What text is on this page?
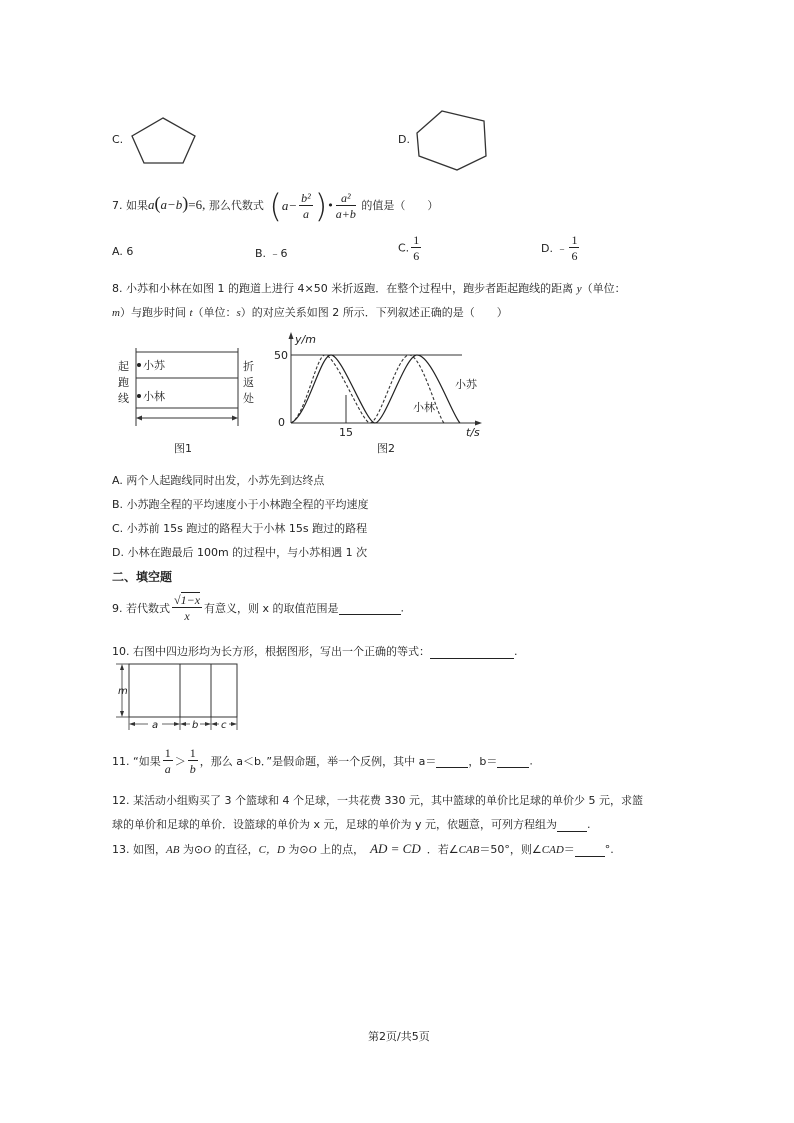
C.	D.
7. 如果a(a−b)=6, 那么代数式 ($a- \frac{\text{b²}}{a}$ )• $\frac{\text{a²}}{a+b}$ 的值是（　　）
A. 6	B. ﹣6	C. $\frac{1}{6}$	D. ﹣ $\frac{1}{6}$
8. 小苏和小林在如图 1 的跑道上进行 4×50 米折返跑．在整个过程中，跑步者距起跑线的距离 y（单位：
m）与跑步时间 t（单位：s）的对应关系如图 2 所示．下列叙述正确的是（　　）
起
跑
线
折
返
处
小苏
小林
图1
y/m
t/s
50
0
15
小苏
小林
图2
A. 两个人起跑线同时出发，小苏先到达终点
B. 小苏跑全程的平均速度小于小林跑全程的平均速度
C. 小苏前 15s 跑过的路程大于小林 15s 跑过的路程
D. 小林在跑最后 100m 的过程中，与小苏相遇 1 次
二、填空题
9. 若代数式 $\frac{√1-x}{x}$ 有意义，则 x 的取值范围是	.
10. 右图中四边形均为长方形，根据图形，写出一个正确的等式：	.
m
a	b c
11. “如果 $\frac{1}{a} > \frac{1}{b}$ ，那么 a＜b．”是假命题，举一个反例，其中 a＝	，b＝	.
12. 某活动小组购买了 3 个篮球和 4 个足球，一共花费 330 元，其中篮球的单价比足球的单价少 5 元，求篮
球的单价和足球的单价．设篮球的单价为 x 元，足球的单价为 y 元，依题意，可列方程组为	.
13. 如图，AB 为⊙O 的直径，C，D 为⊙O 上的点， AD = CD ．若∠CAB＝50°，则∠CAD＝	°.
第2页/共5页
